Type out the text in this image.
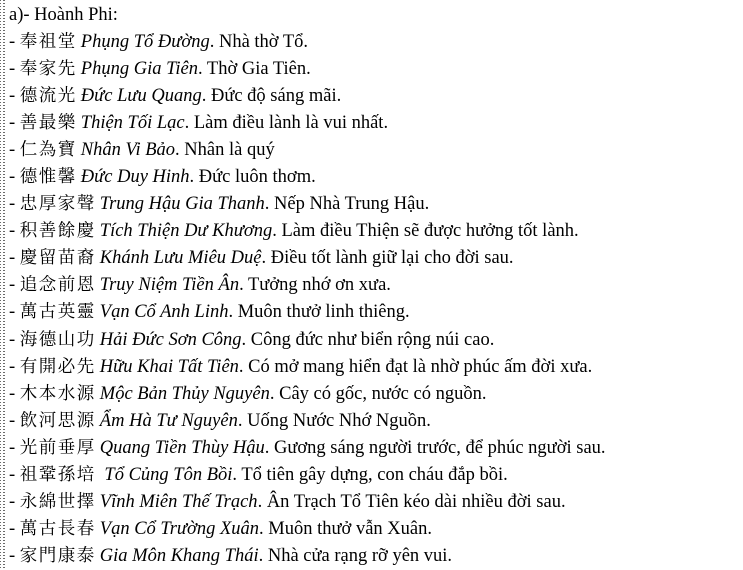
a)- Hoành Phi:
- 奉祖堂 Phụng Tổ Đường. Nhà thờ Tổ.
- 奉家先 Phụng Gia Tiên. Thờ Gia Tiên.
- 德流光 Đức Lưu Quang. Đức độ sáng mãi.
- 善最樂 Thiện Tối Lạc. Làm điều lành là vui nhất.
- 仁為寶 Nhân Vi Bảo. Nhân là quý
- 德惟馨 Đức Duy Hinh. Đức luôn thơm.
- 忠厚家聲 Trung Hậu Gia Thanh. Nếp Nhà Trung Hậu.
- 积善餘慶 Tích Thiện Dư Khương. Làm điều Thiện sẽ được hưởng tốt lành.
- 慶留苗裔 Khánh Lưu Miêu Duệ. Điều tốt lành giữ lại cho đời sau.
- 追念前恩 Truy Niệm Tiền Ân. Tưởng nhớ ơn xưa.
- 萬古英靈 Vạn Cổ Anh Linh. Muôn thưở linh thiêng.
- 海德山功 Hải Đức Sơn Công. Công đức như biển rộng núi cao.
- 有開必先 Hữu Khai Tất Tiên. Có mở mang hiển đạt là nhờ phúc ấm đời xưa.
- 木本水源 Mộc Bản Thủy Nguyên. Cây có gốc, nước có nguồn.
- 飲河思源 Ẩm Hà Tư Nguyên. Uống Nước Nhớ Nguồn.
- 光前垂厚 Quang Tiền Thùy Hậu. Gương sáng người trước, để phúc người sau.
- 祖鞏孫培 Tổ Củng Tôn Bồi. Tổ tiên gây dựng, con cháu đắp bồi.
- 永綿世擇 Vĩnh Miên Thế Trạch. Ân Trạch Tổ Tiên kéo dài nhiều đời sau.
- 萬古長春 Vạn Cổ Trường Xuân. Muôn thưở vẫn Xuân.
- 家門康泰 Gia Môn Khang Thái. Nhà cửa rạng rỡ yên vui.
